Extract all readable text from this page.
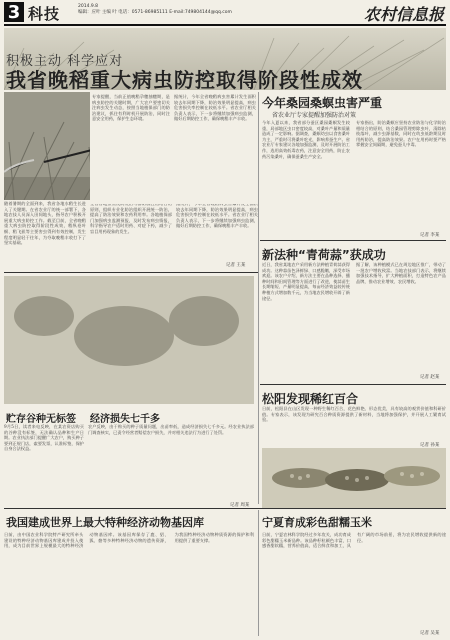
3 科技	2014.9.8
编辑：应叶 主编 叶 电话：0571-86985111 E-mail:749804144@qq.com	农村信息报
积极主动 科学应对
我省晚稻重大病虫防控取得阶段性成效
随着暑期的全面到来，我省各地水稻生长进入了关键期。在省农业厅的统一部署下，各地农技人员深入田间地头，指导农户积极开展重大病虫防控工作。截至目前，全省晚稻重大病虫防控取得阶段性成效，稻纵卷叶螟、稻飞虱等主要害虫得到有效控制，发生程度明显轻于往年，为夺取晚稻丰收打下了坚实基础。
原则，组织专业化防治组织开展统一防治，提高了防治效果和农药利用率。各地植保部门加强病虫监测预报，及时发布病虫情报，科学指导农户适时用药、对症下药，减少了盲目用药现象的发生。
较去年同期下降，防治效果明显提高，病虫危害损失率控制在较低水平。省农业厅相关负责人表示，下一步将继续加强病虫监测，做好后期防控工作，确保晚稻丰产丰收。
专家提醒，当前正值晚稻孕穗抽穗期，是病虫防控的关键时期，广大农户要密切关注病虫发生动态，按照当地植保部门的防治建议，抓住有利时机开展防治，同时注意安全用药，保护生态环境。
据统计，今年全省晚稻病虫害累计发生面积较去年同期下降，防治效果明显提高，病虫危害损失率控制在较低水平。省农业厅相关负责人表示，下一步将继续加强病虫监测，做好后期防控工作，确保晚稻丰产丰收。
记者 王某
今年桑园桑螟虫害严重
省农业厅专家提醒加强防治对策
今年入夏以来，我省部分蚕区桑园桑螟发生较重，局部地区虫口密度较高，对桑叶产量和质量造成了一定影响。据调查，桑螟幼虫以食害桑叶为主，严重时可将桑叶吃光，影响养蚕生产。省农业厅专家建议各地加强监测，及时开展防治工作，选用高效低毒农药，注意安全用药，防止农药污染桑叶，确保蚕桑生产安全。
专家指出，防治桑螟应坚持农业防治与化学防治相结合的原则，结合桑园管理剪除虫叶，清除枯枝落叶，减少虫源基数，同时在幼虫低龄期及时用药防治，提高防治效果。农户在用药时要严格掌握安全间隔期，避免蚕儿中毒。
记者 李某
新法种“青荷蒜”获成功
近日，我省某地农户采用新方法种植青荷蒜获得成功。这种蒜苗色泽鲜绿、口感脆嫩，深受市场欢迎。该农户介绍，新方法主要在品种选择、播种时间和田间管理等方面进行了改进，使蒜苗生长期缩短、产量明显提高，每亩经济效益较传统种植方式增加数千元，为当地农民增收开辟了新途径。
据了解，该种植模式已在周边地区推广，带动了一批农户增收致富。当地农技部门表示，将继续加强技术指导，扩大种植面积，打造特色农产品品牌，推动农业增效、农民增收。
记者 赵某
松阳发现稀红百合
日前，松阳县在山区发现一种野生稀红百合，花色鲜艳、形态优美，具有较高的观赏价值和科研价值。专家表示，该发现为研究百合种质资源提供了新材料，当地将加强保护，并开展人工繁育试验。
记者 孙某
贮存谷种无标签
9月5日，读者来电反映，在某农资店购买的谷种没有标签，无法确认品种和生产日期。农业执法部门提醒广大农户，购买种子要到正规门店，索要发票，认准标签，保护自身合法权益。
经济损失七千多
农户反映，由于购买的种子质量问题，出苗率低，造成经济损失七千多元。经农业执法部门调查核实，已责令经营者赔偿农户损失，并对相关违法行为进行了处罚。
记者 周某
我国建成世界上最大特种经济动物基因库
日前，由中国农业科学院特产研究所牵头建设的特种经济动物基因库建成并投入使用，成为目前世界上规模最大的特种经济动物基因库。该基因库保存了鹿、貂、狐、貉等多种特种经济动物的遗传资源，为我国特种经济动物种质资源的保护和利用提供了重要支撑。
宁夏育成彩色甜糯玉米
日前，宁夏农林科学院经过多年攻关，成功育成彩色甜糯玉米新品种。该品种籽粒颜色丰富，口感香甜软糯，营养价值高，适合鲜食和加工，具有广阔的市场前景，将为农民增收提供新的途径。
记者 吴某
